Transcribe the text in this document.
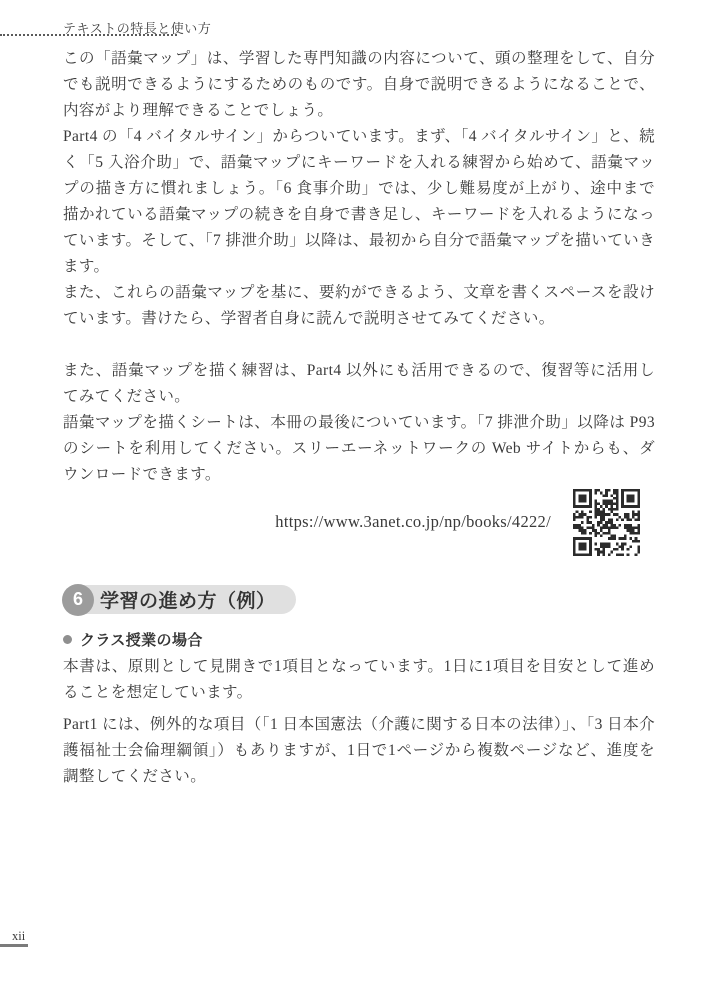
テキストの特長と使い方

この「語彙マップ」は、学習した専門知識の内容について、頭の整理をして、自分でも説明できるようにするためのものです。自身で説明できるようになることで、内容がより理解できることでしょう。

Part4 の「4 バイタルサイン」からついています。まず、「4 バイタルサイン」と、続く「5 入浴介助」で、語彙マップにキーワードを入れる練習から始めて、語彙マップの描き方に慣れましょう。「6 食事介助」では、少し難易度が上がり、途中まで描かれている語彙マップの続きを自身で書き足し、キーワードを入れるようになっています。そして、「7 排泄介助」以降は、最初から自分で語彙マップを描いていきます。

また、これらの語彙マップを基に、要約ができるよう、文章を書くスペースを設けています。書けたら、学習者自身に読んで説明させてみてください。

また、語彙マップを描く練習は、Part4 以外にも活用できるので、復習等に活用してみてください。

語彙マップを描くシートは、本冊の最後についています。「7 排泄介助」以降は P93 のシートを利用してください。スリーエーネットワークの Web サイトからも、ダウンロードできます。

https://www.3anet.co.jp/np/books/4222/
6 学習の進め方（例）
クラス授業の場合

本書は、原則として見開きで1項目となっています。1日に1項目を目安として進めることを想定しています。

Part1 には、例外的な項目（「1 日本国憲法（介護に関する日本の法律）」、「3 日本介護福祉士会倫理綱領」）もありますが、1日で1ページから複数ページなど、進度を調整してください。

xii
